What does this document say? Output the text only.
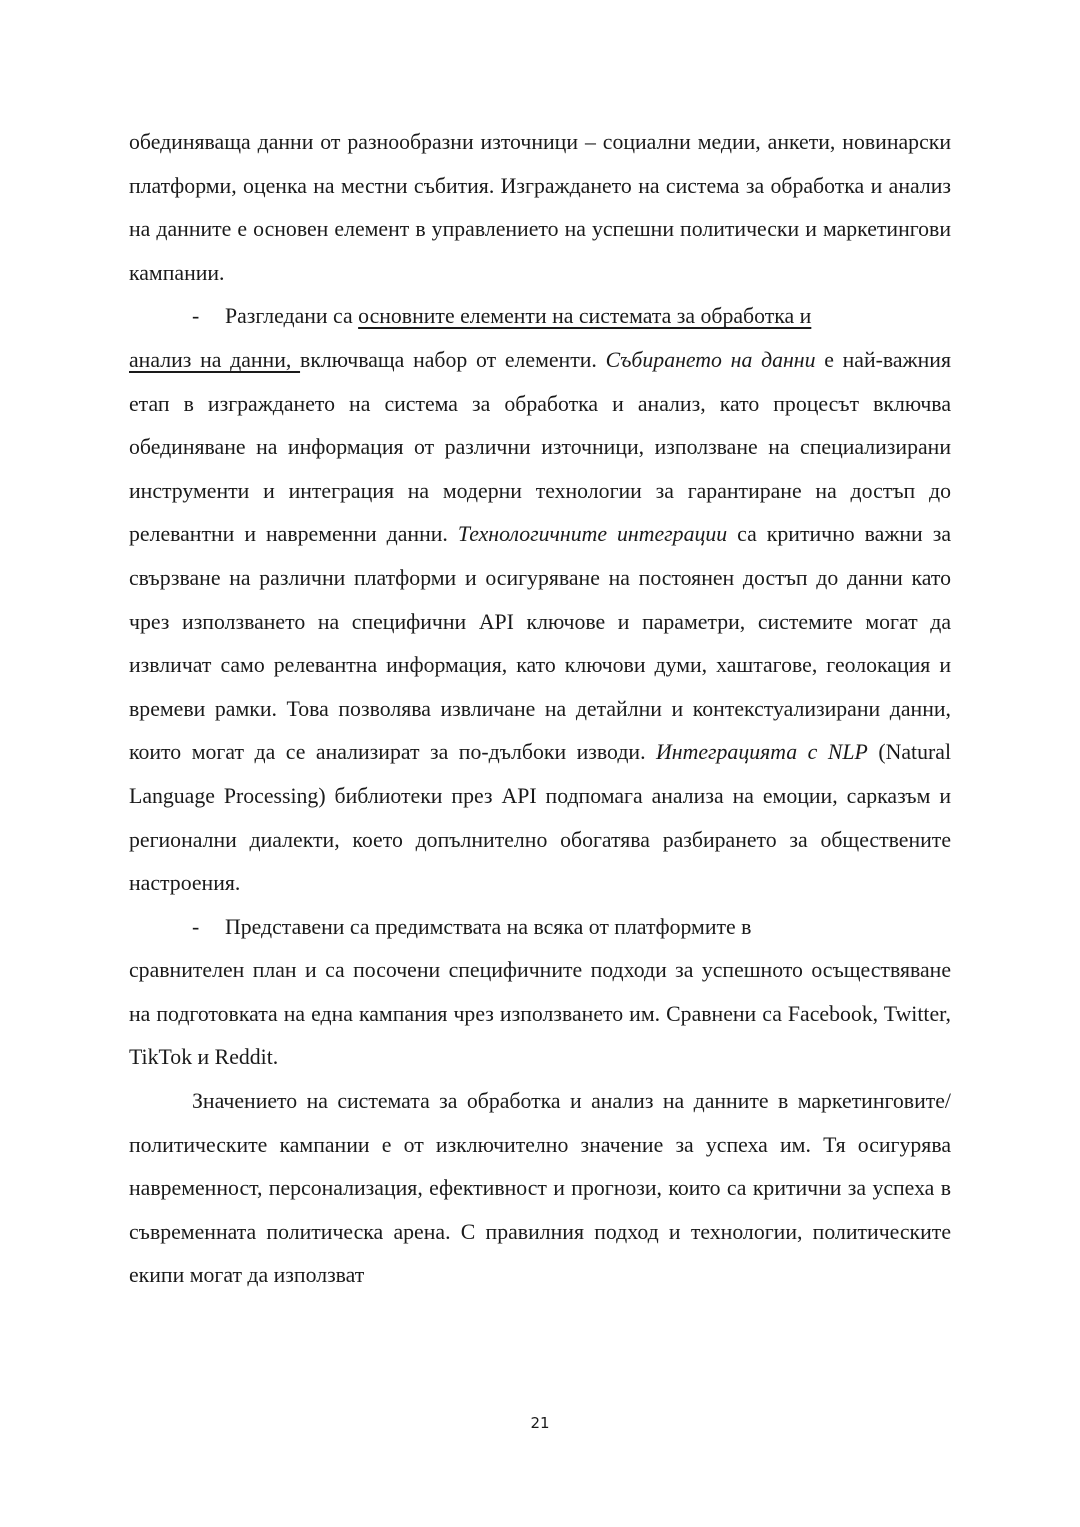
обединяваща данни от разнообразни източници – социални медии, анкети, новинарски платформи, оценка на местни събития. Изграждането на система за обработка и анализ на данните е основен елемент в управлението на успешни политически и маркетингови кампании.

- Разгледани са основните елементи на системата за обработка и
анализ на данни, включваща набор от елементи. Събирането на данни е най-важния етап в изграждането на система за обработка и анализ, като процесът включва обединяване на информация от различни източници, използване на специализирани инструменти и интеграция на модерни технологии за гарантиране на достъп до релевантни и навременни данни. Технологичните интеграции са критично важни за свързване на различни платформи и осигуряване на постоянен достъп до данни като чрез използването на специфични API ключове и параметри, системите могат да извличат само релевантна информация, като ключови думи, хаштагове, геолокация и времеви рамки. Това позволява извличане на детайлни и контекстуализирани данни, които могат да се анализират за по-дълбоки изводи. Интеграцията с NLP (Natural Language Processing) библиотеки през API подпомага анализа на емоции, сарказъм и регионални диалекти, което допълнително обогатява разбирането за обществените настроения.

- Представени са предимствата на всяка от платформите в
сравнителен план и са посочени специфичните подходи за успешното осъществяване на подготовката на една кампания чрез използването им. Сравнени са Facebook, Twitter, TikTok и Reddit.

Значението на системата за обработка и анализ на данните в маркетинговите/политическите кампании е от изключително значение за успеха им. Тя осигурява навременност, персонализация, ефективност и прогнози, които са критични за успеха в съвременната политическа арена. С правилния подход и технологии, политическите екипи могат да използват

21
